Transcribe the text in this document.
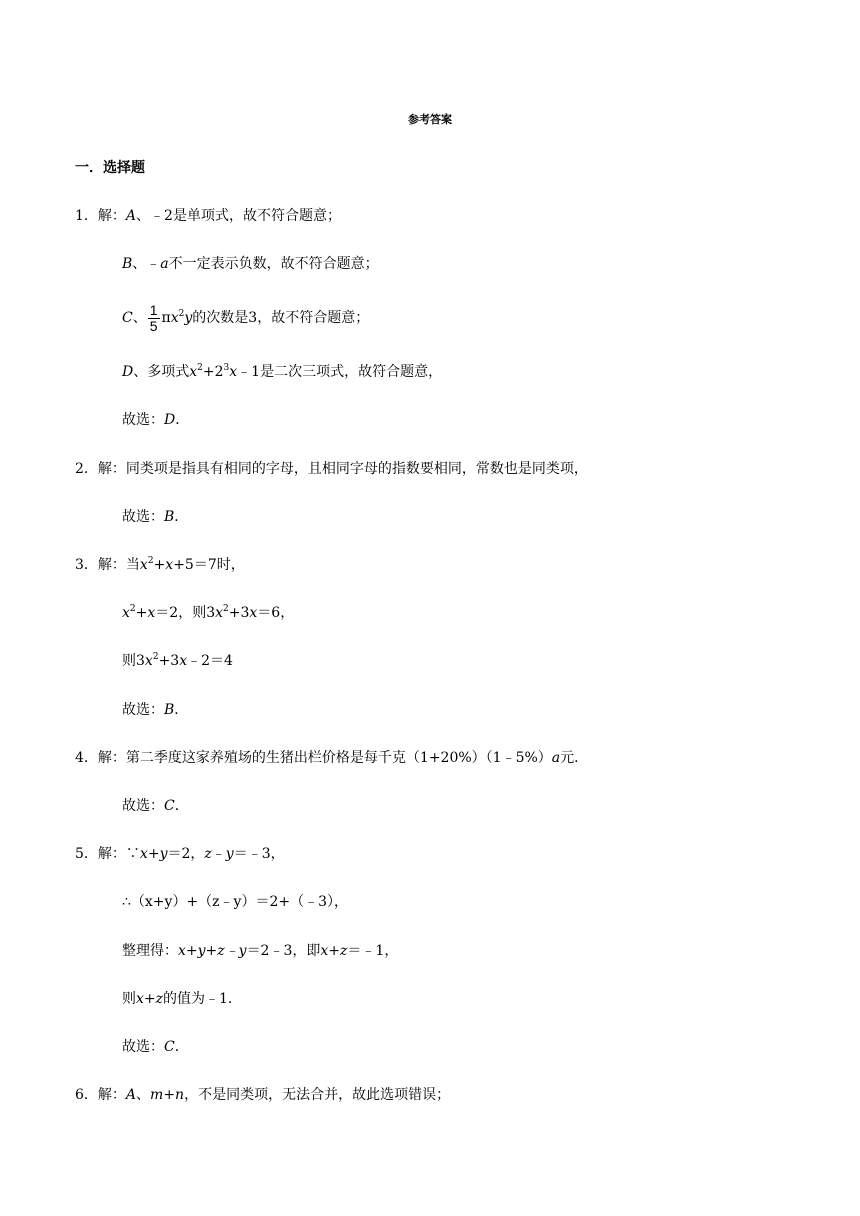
参考答案
一．选择题
1．解：A、﹣2是单项式，故不符合题意；
B、﹣a不一定表示负数，故不符合题意；
C、 $\frac{1}{5} \pi x^2y$的次数是3，故不符合题意；
D、多项式$x^2+2^3x﹣1$是二次三项式，故符合题意，
故选：D．
2．解：同类项是指具有相同的字母，且相同字母的指数要相同，常数也是同类项，
故选：B．
3．解：当$x^2+x+5=7$时，
$x^2+x=2$，则$3x^2+3x=6$，
则$3x^2+3x﹣2=4$
故选：B．
4．解：第二季度这家养殖场的生猪出栏价格是每千克（1+20%）（1﹣5%）a元．
故选：C．
5．解：∵x+y＝2，z﹣y＝﹣3，
∴（x+y）+（z﹣y）＝2+（﹣3），
整理得：x+y+z﹣y＝2﹣3，即x+z＝﹣1，
则x+z的值为﹣1．
故选：C．
6．解：A、m+n，不是同类项，无法合并，故此选项错误；
